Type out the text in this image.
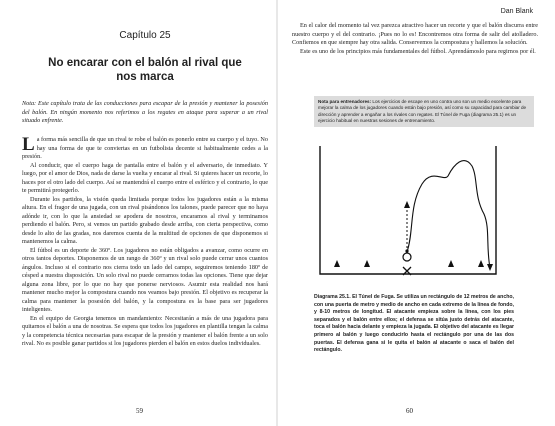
Capítulo 25
No encarar con el balón al rival que nos marca
Nota: Este capítulo trata de las conducciones para escapar de la presión y mantener la posesión del balón. En ningún momento nos referimos a los regates en ataque para superar a un rival situado enfrente.

La forma más sencilla de que un rival te robe el balón es ponerlo entre su cuerpo y el tuyo. No hay una forma de que te conviertas en un futbolista decente si habitualmente cedes a la presión.

Al conducir, que el cuerpo haga de pantalla entre el balón y el adversario, de inmediato. Y luego, por el amor de Dios, nada de darse la vuelta y encarar al rival. Si quieres hacer un recorte, lo haces por el otro lado del cuerpo. Así se mantendrá el cuerpo entre el esférico y el contrario, lo que te permitirá protegerlo.

Durante los partidos, la visión queda limitada porque todos los jugadores están a la misma altura. En el fragor de una jugada, con un rival pisándonos los talones, puede parecer que no haya adónde ir, con lo que la ansiedad se apodera de nosotros, encaramos al rival y terminamos perdiendo el balón. Pero, si vemos un partido grabado desde arriba, con cierta perspectiva, como desde lo alto de las gradas, nos daremos cuenta de la multitud de opciones de que disponemos si mantenemos la calma.

El fútbol es un deporte de 360º. Los jugadores no están obligados a avanzar, como ocurre en otros tantos deportes. Disponemos de un rango de 360º y un rival solo puede cerrar unos cuantos ángulos. Incluso si el contrario nos cierra todo un lado del campo, seguiremos teniendo 180º de césped a nuestra disposición. Un solo rival no puede cerrarnos todas las opciones. Tiene que dejar alguna zona libre, por lo que no hay que ponerse nerviosos. Asumir esta realidad nos hará mantener mucho mejor la compostura cuando nos veamos bajo presión. El objetivo es recuperar la calma para mantener la posesión del balón, y la compostura es la base para ser jugadores inteligentes.

En el equipo de Georgia tenemos un mandamiento: Necesitarán a más de una jugadora para quitarnos el balón a una de nosotras. Se espera que todos los jugadores en plantilla tengan la calma y la competencia técnica necesarias para escapar de la presión y mantener el balón frente a un solo rival. No es posible ganar partidos si los jugadores pierden el balón en estos duelos individuales.

59
Dan Blank

En el calor del momento tal vez parezca atractivo hacer un recorte y que el balón discurra entre nuestro cuerpo y el del contrario. ¡Pues no lo es! Encontremos otra forma de salir del atolladero. Confiemos en que siempre hay otra salida. Conservemos la compostura y hallemos la solución.

Este es uno de los principios más fundamentales del fútbol. Aprendámoslo para regirnos por él.

Nota para entrenadores: Los ejercicios de escape en uno contra uno son un medio excelente para mejorar la calma de los jugadores cuando están bajo presión, así como su capacidad para cambiar de dirección y aprender a engañar a los rivales con regates. El Túnel de Fuga (diagrama 25.1) es un ejercicio habitual en nuestras sesiones de entrenamiento.
Diagrama 25.1. El Túnel de Fuga. Se utiliza un rectángulo de 12 metros de ancho, con una puerta de metro y medio de ancho en cada extremo de la línea de fondo, y 8-10 metros de longitud. El atacante empieza sobre la línea, con los pies separados y el balón entre ellos; el defensa se sitúa justo detrás del atacante, toca el balón hacia delante y empieza la jugada. El objetivo del atacante es llegar primero al balón y luego conducirlo hasta el rectángulo por una de las dos puertas. El defensa gana si le quita el balón al atacante o saca el balón del rectángulo.
60
